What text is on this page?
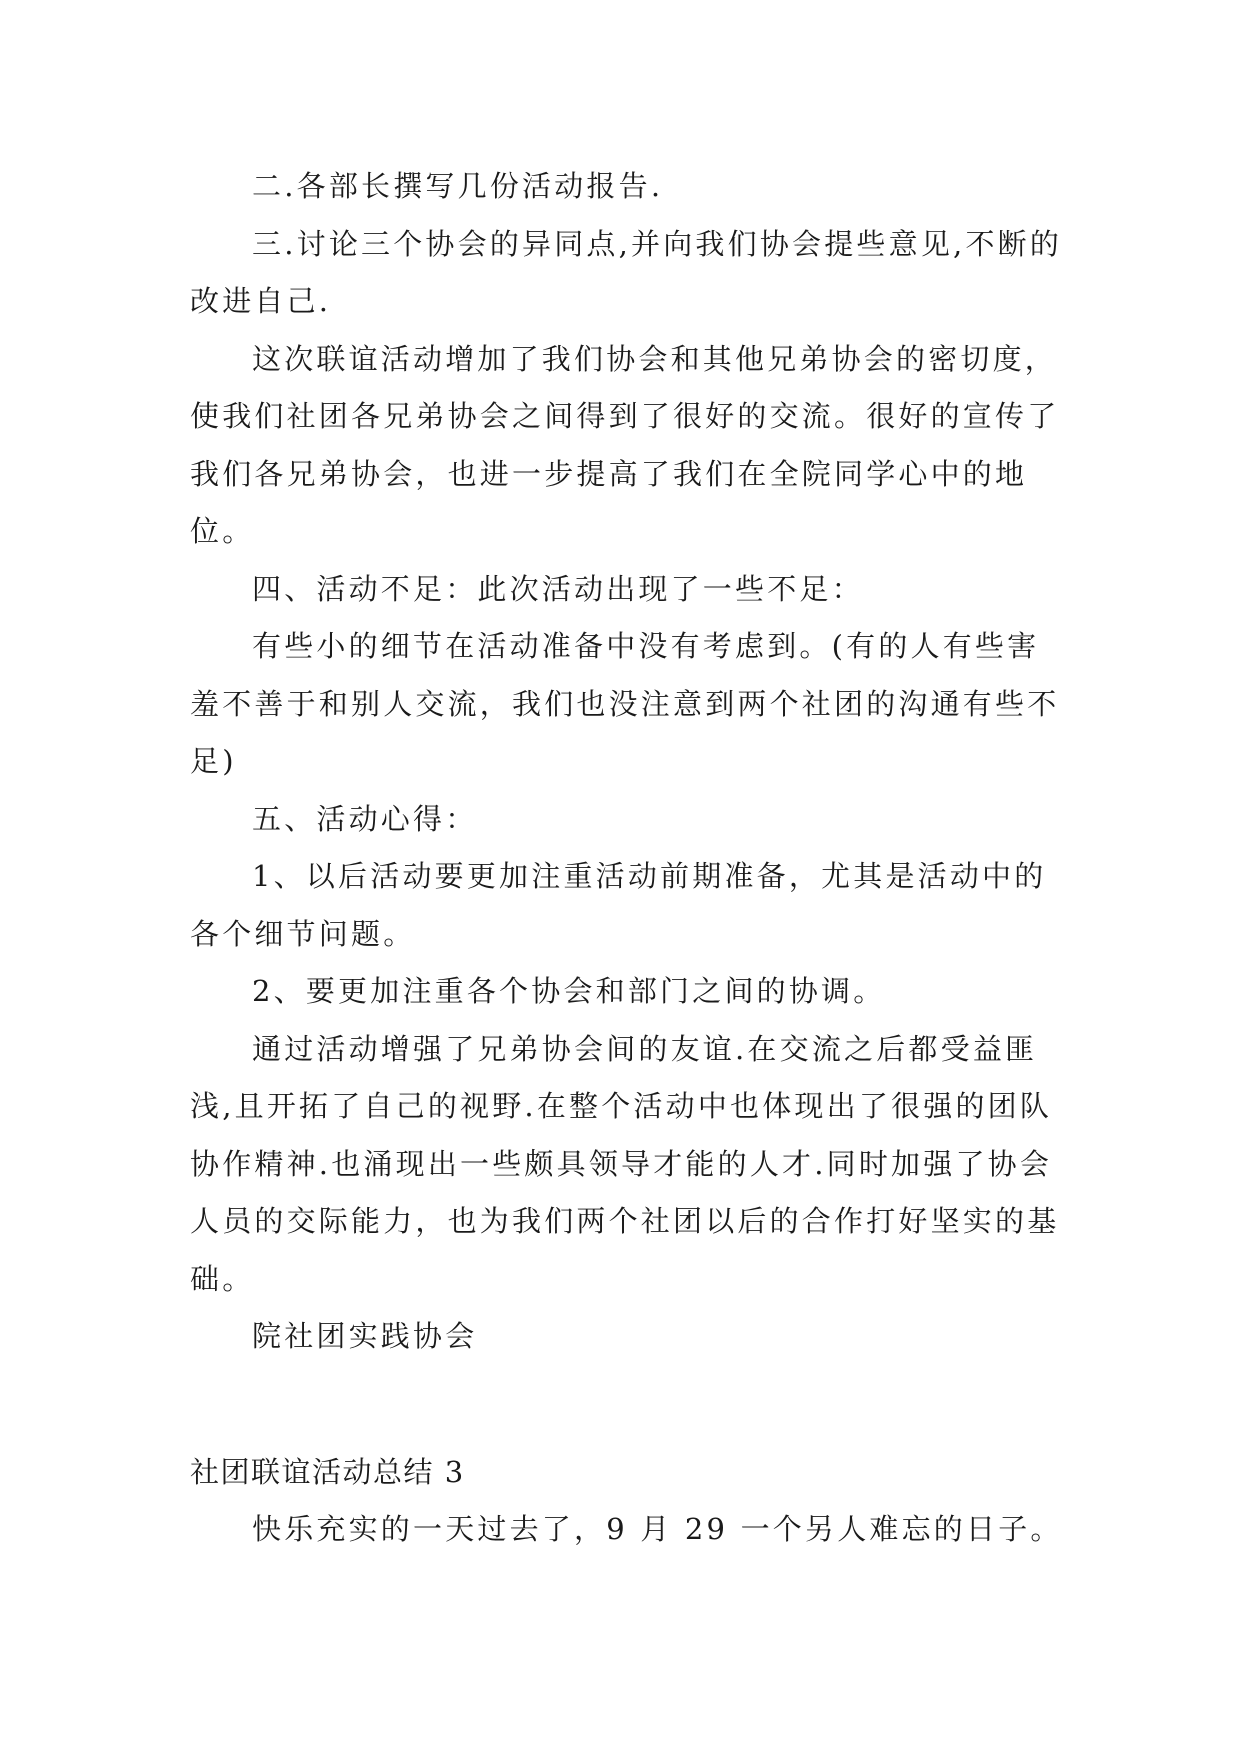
二.各部长撰写几份活动报告.

三.讨论三个协会的异同点,并向我们协会提些意见,不断的改进自己.

这次联谊活动增加了我们协会和其他兄弟协会的密切度，使我们社团各兄弟协会之间得到了很好的交流。很好的宣传了我们各兄弟协会，也进一步提高了我们在全院同学心中的地位。

四、活动不足：此次活动出现了一些不足：

有些小的细节在活动准备中没有考虑到。(有的人有些害羞不善于和别人交流，我们也没注意到两个社团的沟通有些不足)

五、活动心得：

1、以后活动要更加注重活动前期准备，尤其是活动中的各个细节问题。

2、要更加注重各个协会和部门之间的协调。

通过活动增强了兄弟协会间的友谊.在交流之后都受益匪浅,且开拓了自己的视野.在整个活动中也体现出了很强的团队协作精神.也涌现出一些颇具领导才能的人才.同时加强了协会人员的交际能力，也为我们两个社团以后的合作打好坚实的基础。

院社团实践协会

社团联谊活动总结 3

快乐充实的一天过去了，9 月 29 一个另人难忘的日子。
